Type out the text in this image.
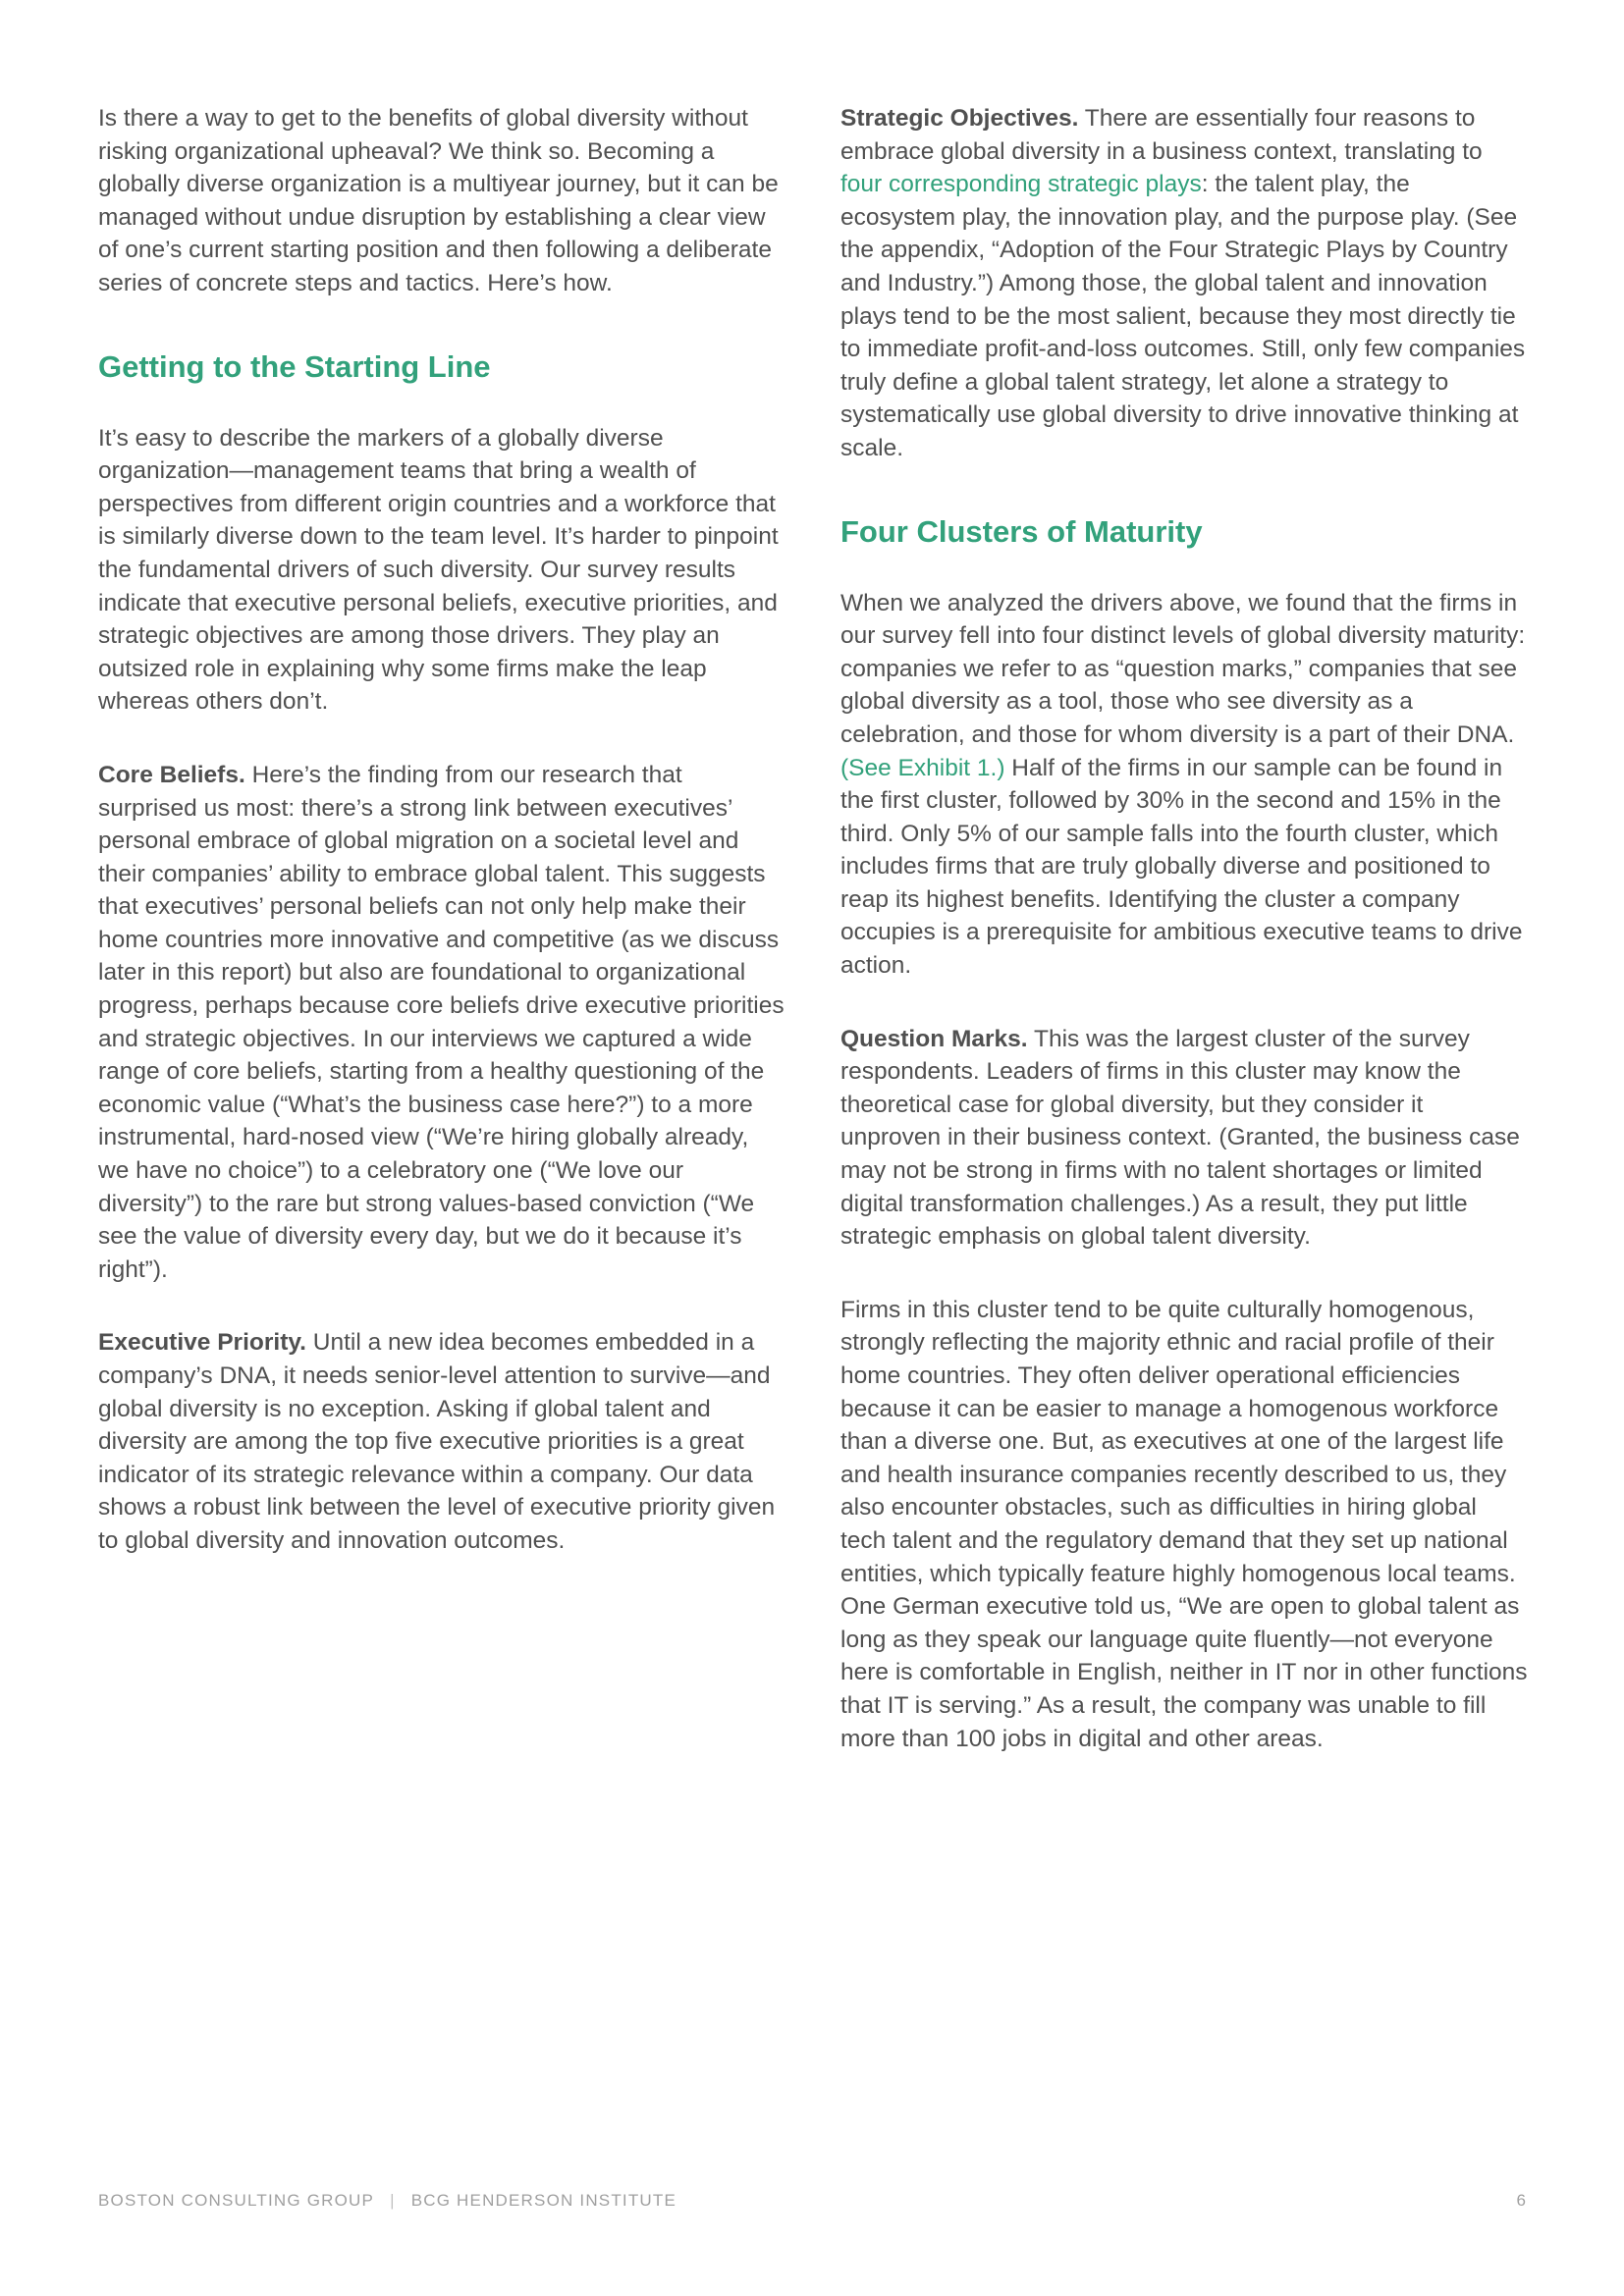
Is there a way to get to the benefits of global diversity without risking organizational upheaval? We think so. Becoming a globally diverse organization is a multiyear journey, but it can be managed without undue disruption by establishing a clear view of one’s current starting position and then following a deliberate series of concrete steps and tactics. Here’s how.

Getting to the Starting Line

It’s easy to describe the markers of a globally diverse organization—management teams that bring a wealth of perspectives from different origin countries and a workforce that is similarly diverse down to the team level. It’s harder to pinpoint the fundamental drivers of such diversity. Our survey results indicate that executive personal beliefs, executive priorities, and strategic objectives are among those drivers. They play an outsized role in explaining why some firms make the leap whereas others don’t.

Core Beliefs. Here’s the finding from our research that surprised us most: there’s a strong link between executives’ personal embrace of global migration on a societal level and their companies’ ability to embrace global talent. This suggests that executives’ personal beliefs can not only help make their home countries more innovative and competitive (as we discuss later in this report) but also are foundational to organizational progress, perhaps because core beliefs drive executive priorities and strategic objectives. In our interviews we captured a wide range of core beliefs, starting from a healthy questioning of the economic value (“What’s the business case here?”) to a more instrumental, hard-nosed view (“We’re hiring globally already, we have no choice”) to a celebratory one (“We love our diversity”) to the rare but strong values-based conviction (“We see the value of diversity every day, but we do it because it’s right”).

Executive Priority. Until a new idea becomes embedded in a company’s DNA, it needs senior-level attention to survive—and global diversity is no exception. Asking if global talent and diversity are among the top five executive priorities is a great indicator of its strategic relevance within a company. Our data shows a robust link between the level of executive priority given to global diversity and innovation outcomes.

Strategic Objectives. There are essentially four reasons to embrace global diversity in a business context, translating to four corresponding strategic plays: the talent play, the ecosystem play, the innovation play, and the purpose play. (See the appendix, “Adoption of the Four Strategic Plays by Country and Industry.”) Among those, the global talent and innovation plays tend to be the most salient, because they most directly tie to immediate profit-and-loss outcomes. Still, only few companies truly define a global talent strategy, let alone a strategy to systematically use global diversity to drive innovative thinking at scale.

Four Clusters of Maturity

When we analyzed the drivers above, we found that the firms in our survey fell into four distinct levels of global diversity maturity: companies we refer to as “question marks,” companies that see global diversity as a tool, those who see diversity as a celebration, and those for whom diversity is a part of their DNA. (See Exhibit 1.) Half of the firms in our sample can be found in the first cluster, followed by 30% in the second and 15% in the third. Only 5% of our sample falls into the fourth cluster, which includes firms that are truly globally diverse and positioned to reap its highest benefits. Identifying the cluster a company occupies is a prerequisite for ambitious executive teams to drive action.

Question Marks. This was the largest cluster of the survey respondents. Leaders of firms in this cluster may know the theoretical case for global diversity, but they consider it unproven in their business context. (Granted, the business case may not be strong in firms with no talent shortages or limited digital transformation challenges.) As a result, they put little strategic emphasis on global talent diversity.

Firms in this cluster tend to be quite culturally homogenous, strongly reflecting the majority ethnic and racial profile of their home countries. They often deliver operational efficiencies because it can be easier to manage a homogenous workforce than a diverse one. But, as executives at one of the largest life and health insurance companies recently described to us, they also encounter obstacles, such as difficulties in hiring global tech talent and the regulatory demand that they set up national entities, which typically feature highly homogenous local teams. One German executive told us, “We are open to global talent as long as they speak our language quite fluently—not everyone here is comfortable in English, neither in IT nor in other functions that IT is serving.” As a result, the company was unable to fill more than 100 jobs in digital and other areas.

BOSTON CONSULTING GROUP | BCG HENDERSON INSTITUTE	6
